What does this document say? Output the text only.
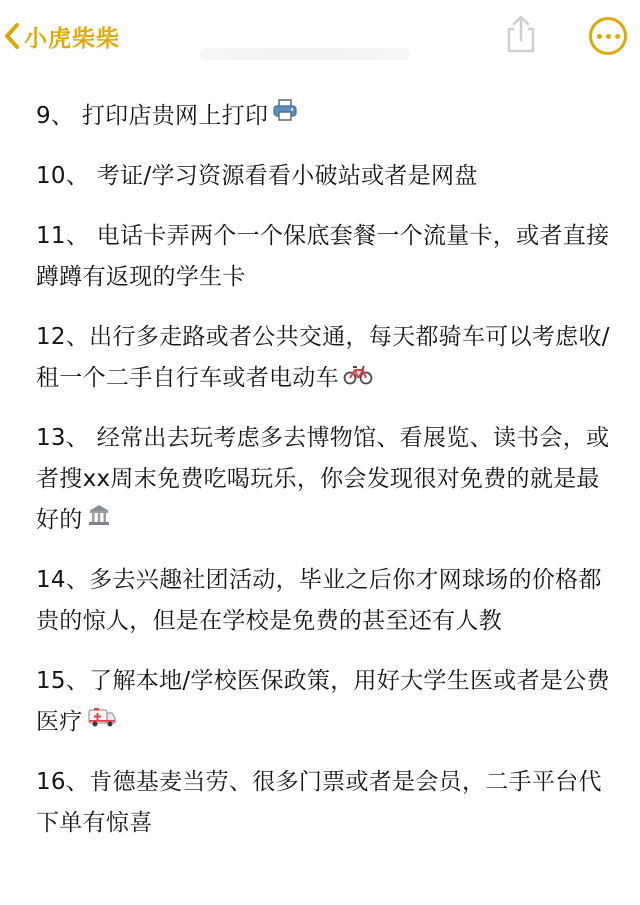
小虎柴柴

9、 打印店贵网上打印

10、 考证/学习资源看看小破站或者是网盘

11、 电话卡弄两个一个保底套餐一个流量卡，或者直接蹲蹲有返现的学生卡

12、出行多走路或者公共交通，每天都骑车可以考虑收/租一个二手自行车或者电动车

13、 经常出去玩考虑多去博物馆、看展览、读书会，或者搜xx周末免费吃喝玩乐，你会发现很对免费的就是最好的

14、多去兴趣社团活动，毕业之后你才网球场的价格都贵的惊人，但是在学校是免费的甚至还有人教

15、了解本地/学校医保政策，用好大学生医或者是公费医疗

16、肯德基麦当劳、很多门票或者是会员，二手平台代下单有惊喜
